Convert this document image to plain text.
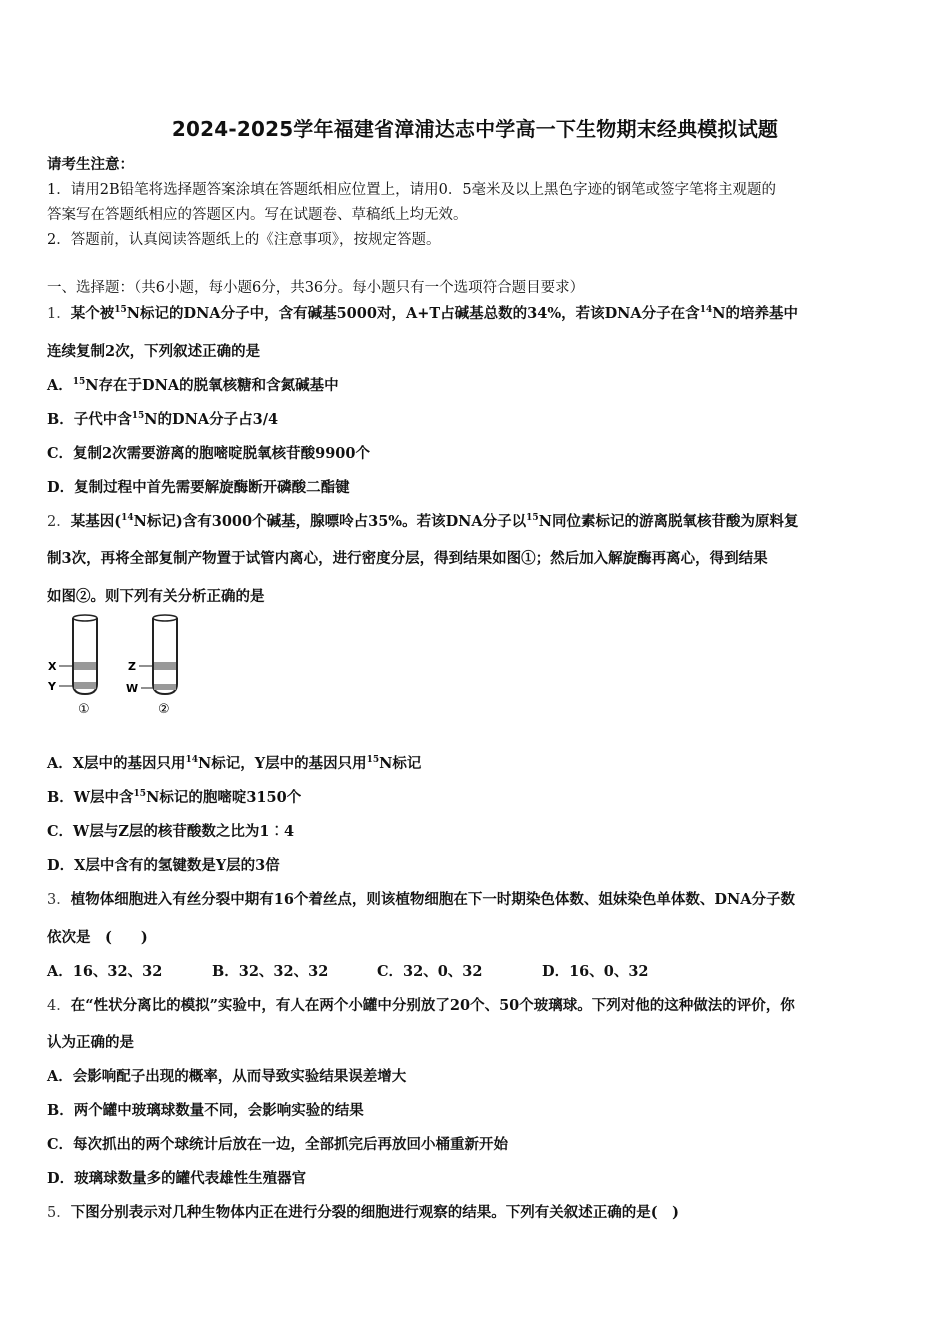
2024-2025学年福建省漳浦达志中学高一下生物期末经典模拟试题
请考生注意：
1．请用2B铅笔将选择题答案涂填在答题纸相应位置上，请用0．5毫米及以上黑色字迹的钢笔或签字笔将主观题的
答案写在答题纸相应的答题区内。写在试题卷、草稿纸上均无效。
2．答题前，认真阅读答题纸上的《注意事项》，按规定答题。
一、选择题：（共6小题，每小题6分，共36分。每小题只有一个选项符合题目要求）
1．某个被$^{15}$N标记的DNA分子中，含有碱基5000对，A+T占碱基总数的34%，若该DNA分子在含$^{14}$N的培养基中
连续复制2次，下列叙述正确的是
A．$^{15}$N存在于DNA的脱氧核糖和含氮碱基中
B．子代中含$^{15}$N的DNA分子占3/4
C．复制2次需要游离的胞嘧啶脱氧核苷酸9900个
D．复制过程中首先需要解旋酶断开磷酸二酯键
2．某基因($^{14}$N标记)含有3000个碱基，腺嘌呤占35%。若该DNA分子以$^{15}$N同位素标记的游离脱氧核苷酸为原料复
制3次，再将全部复制产物置于试管内离心，进行密度分层，得到结果如图①；然后加入解旋酶再离心，得到结果
如图②。则下列有关分析正确的是
X
Y
①
Z
W
②
A．X层中的基因只用$^{14}$N标记，Y层中的基因只用$^{15}$N标记
B．W层中含$^{15}$N标记的胞嘧啶3150个
C．W层与Z层的核苷酸数之比为1︰4
D．X层中含有的氢键数是Y层的3倍
3．植物体细胞进入有丝分裂中期有16个着丝点，则该植物细胞在下一时期染色体数、姐妹染色单体数、DNA分子数
依次是　(　　)
A．16、32、32	B．32、32、32	C．32、0、32	D．16、0、32
4．在“性状分离比的模拟”实验中，有人在两个小罐中分别放了20个、50个玻璃球。下列对他的这种做法的评价，你
认为正确的是
A．会影响配子出现的概率，从而导致实验结果误差增大
B．两个罐中玻璃球数量不同，会影响实验的结果
C．每次抓出的两个球统计后放在一边，全部抓完后再放回小桶重新开始
D．玻璃球数量多的罐代表雄性生殖器官
5．下图分别表示对几种生物体内正在进行分裂的细胞进行观察的结果。下列有关叙述正确的是(　)
